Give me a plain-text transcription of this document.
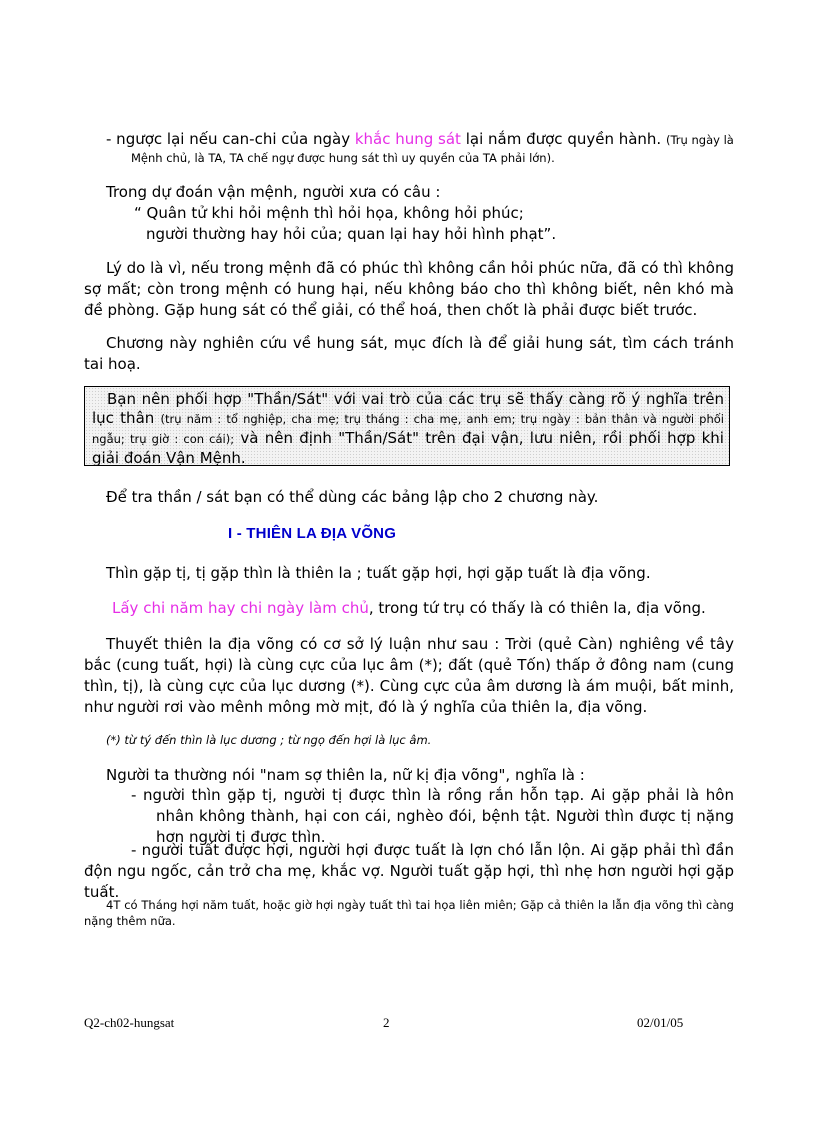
- ngược lại nếu can-chi của ngày khắc hung sát lại nắm được quyền hành. (Trụ ngày là
Mệnh chủ, là TA, TA chế ngự được hung sát thì uy quyền của TA phải lớn).
Trong dự đoán vận mệnh, người xưa có câu :
“ Quân tử khi hỏi mệnh thì hỏi họa, không hỏi phúc;
người thường hay hỏi của; quan lại hay hỏi hình phạt”.
Lý do là vì, nếu trong mệnh đã có phúc thì không cần hỏi phúc nữa, đã có thì không sợ mất; còn trong mệnh có hung hại, nếu không báo cho thì không biết, nên khó mà đề phòng. Gặp hung sát có thể giải, có thể hoá, then chốt là phải được biết trước.
Chương này nghiên cứu về hung sát, mục đích là để giải hung sát, tìm cách tránh tai hoạ.
Bạn nên phối hợp "Thần/Sát" với vai trò của các trụ sẽ thấy càng rõ ý nghĩa trên lục thân (trụ năm : tổ nghiệp, cha mẹ; trụ tháng : cha mẹ, anh em; trụ ngày : bản thân và người phối ngẫu; trụ giờ : con cái); và nên định "Thần/Sát" trên đại vận, lưu niên, rồi phối hợp khi giải đoán Vận Mệnh.
Để tra thần / sát bạn có thể dùng các bảng lập cho 2 chương này.
I - THIÊN LA ĐỊA VÕNG
Thìn gặp tị, tị gặp thìn là thiên la ; tuất gặp hợi, hợi gặp tuất là địa võng.
Lấy chi năm hay chi ngày làm chủ, trong tứ trụ có thấy là có thiên la, địa võng.
Thuyết thiên la địa võng có cơ sở lý luận như sau : Trời (quẻ Càn) nghiêng về tây bắc (cung tuất, hợi) là cùng cực của lục âm (*); đất (quẻ Tốn) thấp ở đông nam (cung thìn, tị), là cùng cực của lục dương (*). Cùng cực của âm dương là ám muội, bất minh, như người rơi vào mênh mông mờ mịt, đó là ý nghĩa của thiên la, địa võng.
(*) từ tý đến thìn là lục dương ; từ ngọ đến hợi là lục âm.
Người ta thường nói "nam sợ thiên la, nữ kị địa võng", nghĩa là :
- người thìn gặp tị, người tị được thìn là rồng rắn hỗn tạp. Ai gặp phải là hôn nhân không thành, hại con cái, nghèo đói, bệnh tật. Người thìn được tị nặng hơn người tị được thìn.
- người tuất được hợi, người hợi được tuất là lợn chó lẫn lộn. Ai gặp phải thì đần độn ngu ngốc, cản trở cha mẹ, khắc vợ. Người tuất gặp hợi, thì nhẹ hơn người hợi gặp tuất.
4T có Tháng hợi năm tuất, hoặc giờ hợi ngày tuất thì tai họa liên miên; Gặp cả thiên la lẫn địa võng thì càng nặng thêm nữa.
Q2-ch02-hungsat	2	02/01/05
